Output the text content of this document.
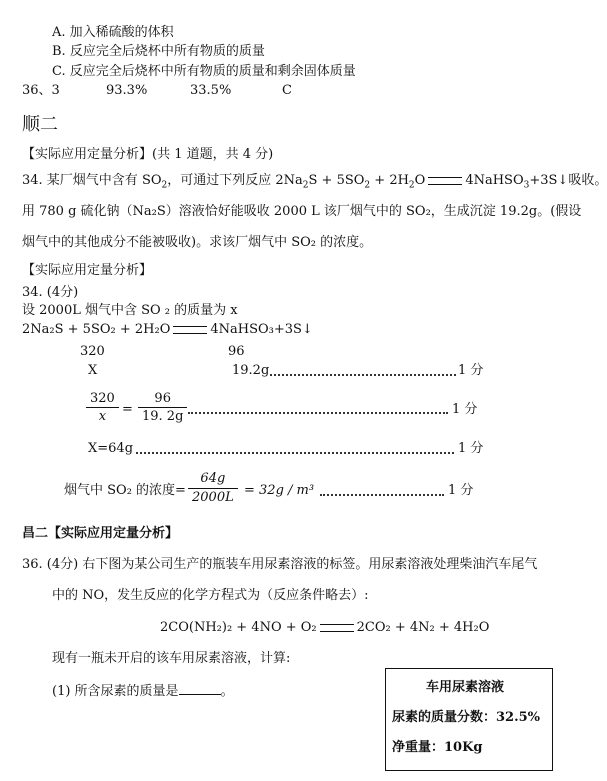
A. 加入稀硫酸的体积
B. 反应完全后烧杯中所有物质的质量
C. 反应完全后烧杯中所有物质的质量和剩余固体质量
36、3	93.3%	33.5%	C
顺二
【实际应用定量分析】(共 1 道题，共 4 分)
34. 某厂烟气中含有 $SO_2$，可通过下列反应 $2Na_2S + 5SO_2 + 2H_2O$	4NaHSO$_3$+3S↓吸收。
用 780 g 硫化钠（Na₂S）溶液恰好能吸收 2000 L 该厂烟气中的 SO₂，生成沉淀 19.2g。(假设
烟气中的其他成分不能被吸收)。求该厂烟气中 SO₂ 的浓度。
【实际应用定量分析】
34. (4分)
设 2000L 烟气中含 SO ₂ 的质量为 x
2Na₂S + 5SO₂ + 2H₂O	4NaHSO₃+3S↓
320	96
X	19.2g	1 分
$\frac{320}{x} = \frac{96}{19. 2g}$	1 分
X=64g	1 分
烟气中 SO₂ 的浓度= $\frac{64g}{2000L} = 32g / m^3$	1 分
昌二【实际应用定量分析】
36. (4分) 右下图为某公司生产的瓶装车用尿素溶液的标签。用尿素溶液处理柴油汽车尾气
中的 NO，发生反应的化学方程式为（反应条件略去）:
2CO(NH₂)₂ + 4NO + O₂	2CO₂ + 4N₂ + 4H₂O
现有一瓶未开启的该车用尿素溶液，计算:
(1) 所含尿素的质量是	。	车用尿素溶液
尿素的质量分数：32.5%
净重量：10Kg
